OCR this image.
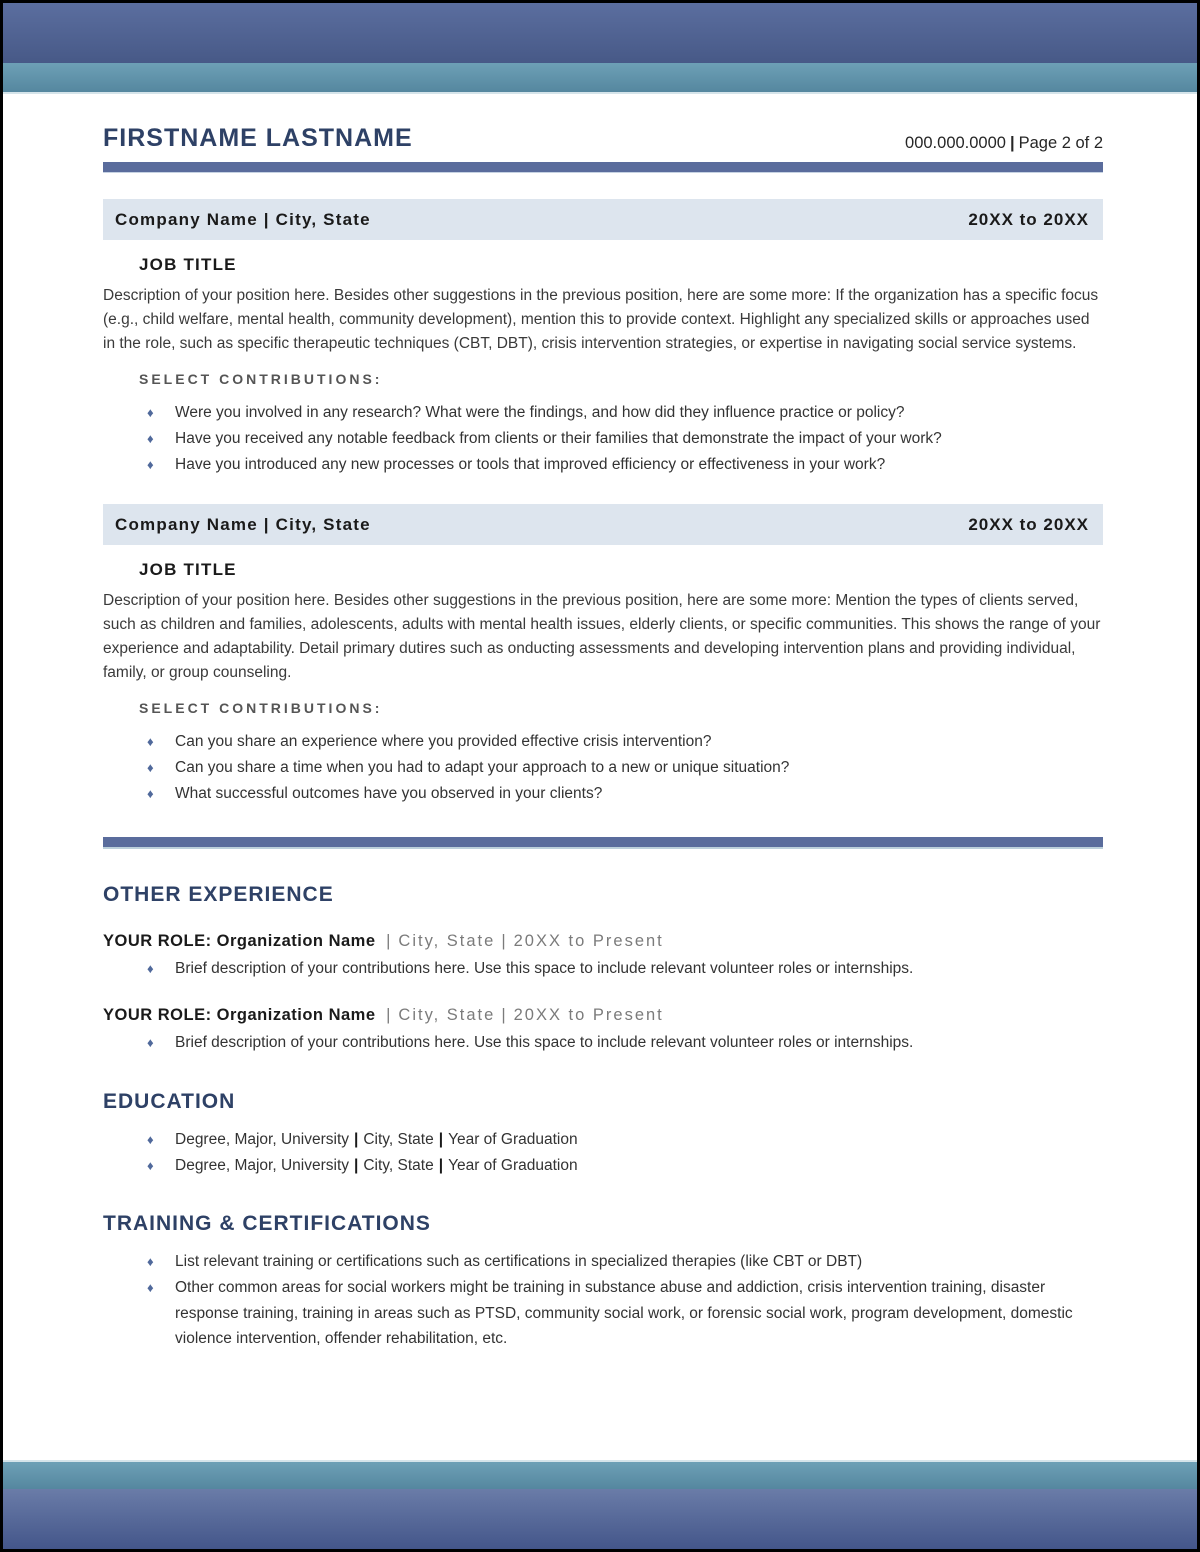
FIRSTNAME LASTNAME	000.000.0000 | Page 2 of 2
Company Name | City, State	20XX to 20XX
JOB TITLE
Description of your position here. Besides other suggestions in the previous position, here are some more: If the organization has a specific focus (e.g., child welfare, mental health, community development), mention this to provide context. Highlight any specialized skills or approaches used in the role, such as specific therapeutic techniques (CBT, DBT), crisis intervention strategies, or expertise in navigating social service systems.
SELECT CONTRIBUTIONS:
♦ Were you involved in any research? What were the findings, and how did they influence practice or policy?
♦ Have you received any notable feedback from clients or their families that demonstrate the impact of your work?
♦ Have you introduced any new processes or tools that improved efficiency or effectiveness in your work?
Company Name | City, State	20XX to 20XX
JOB TITLE
Description of your position here. Besides other suggestions in the previous position, here are some more: Mention the types of clients served, such as children and families, adolescents, adults with mental health issues, elderly clients, or specific communities. This shows the range of your experience and adaptability. Detail primary dutires such as onducting assessments and developing intervention plans and providing individual, family, or group counseling.
SELECT CONTRIBUTIONS:
♦ Can you share an experience where you provided effective crisis intervention?
♦ Can you share a time when you had to adapt your approach to a new or unique situation?
♦ What successful outcomes have you observed in your clients?
OTHER EXPERIENCE
YOUR ROLE: Organization Name | City, State | 20XX to Present
♦ Brief description of your contributions here. Use this space to include relevant volunteer roles or internships.
YOUR ROLE: Organization Name | City, State | 20XX to Present
♦ Brief description of your contributions here. Use this space to include relevant volunteer roles or internships.
EDUCATION
♦ Degree, Major, University | City, State | Year of Graduation
♦ Degree, Major, University | City, State | Year of Graduation
TRAINING & CERTIFICATIONS
♦ List relevant training or certifications such as certifications in specialized therapies (like CBT or DBT)
♦ Other common areas for social workers might be training in substance abuse and addiction, crisis intervention training, disaster response training, training in areas such as PTSD, community social work, or forensic social work, program development, domestic violence intervention, offender rehabilitation, etc.
